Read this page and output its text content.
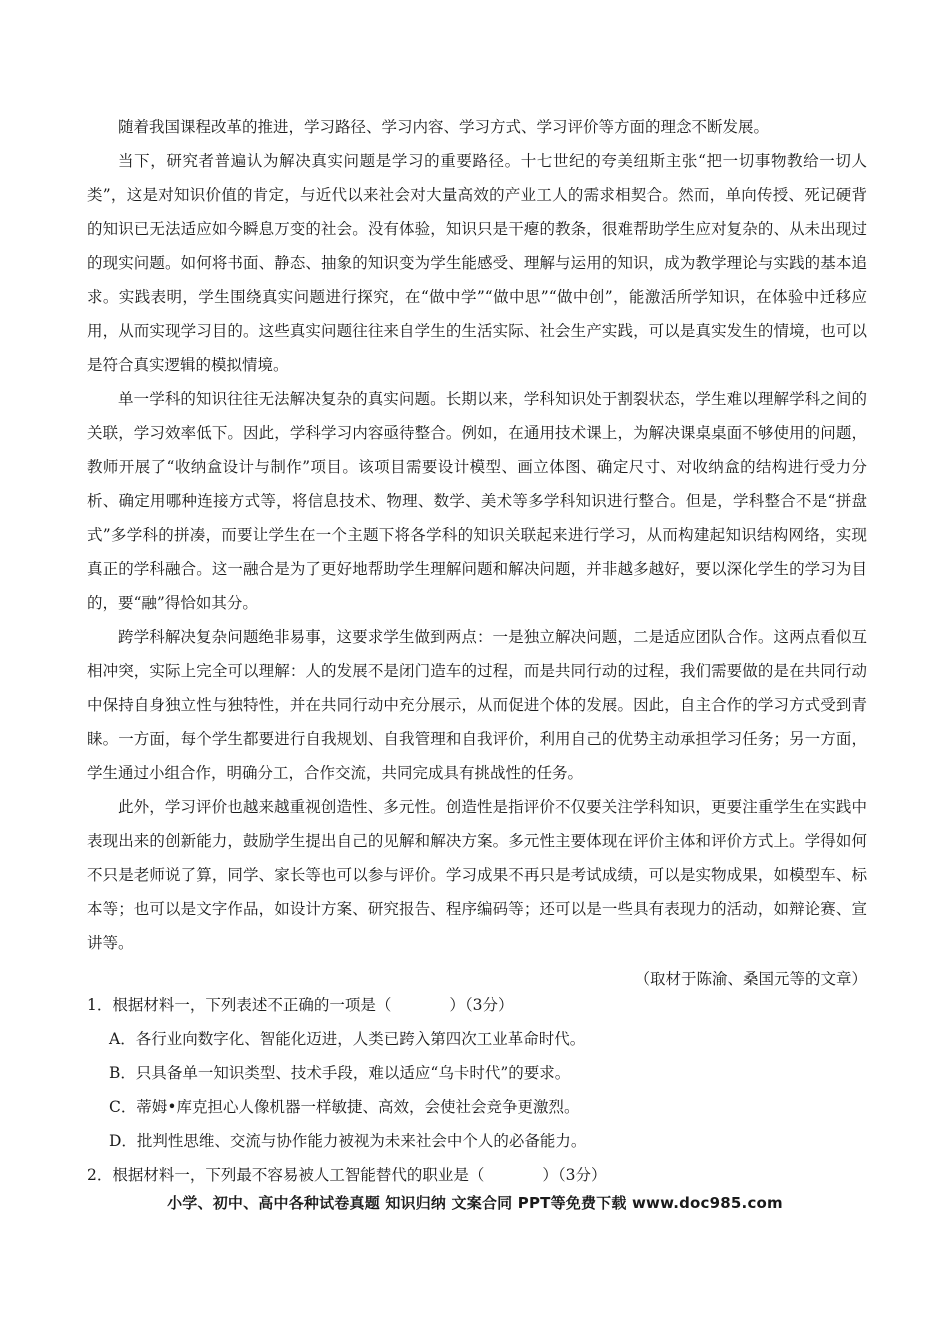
随着我国课程改革的推进，学习路径、学习内容、学习方式、学习评价等方面的理念不断发展。

当下，研究者普遍认为解决真实问题是学习的重要路径。十七世纪的夸美纽斯主张“把一切事物教给一切人类”，这是对知识价值的肯定，与近代以来社会对大量高效的产业工人的需求相契合。然而，单向传授、死记硬背的知识已无法适应如今瞬息万变的社会。没有体验，知识只是干瘪的教条，很难帮助学生应对复杂的、从未出现过的现实问题。如何将书面、静态、抽象的知识变为学生能感受、理解与运用的知识，成为教学理论与实践的基本追求。实践表明，学生围绕真实问题进行探究，在“做中学”“做中思”“做中创”，能激活所学知识，在体验中迁移应用，从而实现学习目的。这些真实问题往往来自学生的生活实际、社会生产实践，可以是真实发生的情境，也可以是符合真实逻辑的模拟情境。

单一学科的知识往往无法解决复杂的真实问题。长期以来，学科知识处于割裂状态，学生难以理解学科之间的关联，学习效率低下。因此，学科学习内容亟待整合。例如，在通用技术课上，为解决课桌桌面不够使用的问题，教师开展了“收纳盒设计与制作”项目。该项目需要设计模型、画立体图、确定尺寸、对收纳盒的结构进行受力分析、确定用哪种连接方式等，将信息技术、物理、数学、美术等多学科知识进行整合。但是，学科整合不是“拼盘式”多学科的拼凑，而要让学生在一个主题下将各学科的知识关联起来进行学习，从而构建起知识结构网络，实现真正的学科融合。这一融合是为了更好地帮助学生理解问题和解决问题，并非越多越好，要以深化学生的学习为目的，要“融”得恰如其分。

跨学科解决复杂问题绝非易事，这要求学生做到两点：一是独立解决问题，二是适应团队合作。这两点看似互相冲突，实际上完全可以理解：人的发展不是闭门造车的过程，而是共同行动的过程，我们需要做的是在共同行动中保持自身独立性与独特性，并在共同行动中充分展示，从而促进个体的发展。因此，自主合作的学习方式受到青睐。一方面，每个学生都要进行自我规划、自我管理和自我评价，利用自己的优势主动承担学习任务；另一方面，学生通过小组合作，明确分工，合作交流，共同完成具有挑战性的任务。

此外，学习评价也越来越重视创造性、多元性。创造性是指评价不仅要关注学科知识，更要注重学生在实践中表现出来的创新能力，鼓励学生提出自己的见解和解决方案。多元性主要体现在评价主体和评价方式上。学得如何不只是老师说了算，同学、家长等也可以参与评价。学习成果不再只是考试成绩，可以是实物成果，如模型车、标本等；也可以是文字作品，如设计方案、研究报告、程序编码等；还可以是一些具有表现力的活动，如辩论赛、宣讲等。

（取材于陈渝、桑国元等的文章）

1．根据材料一，下列表述不正确的一项是（	）（3分）

A．各行业向数字化、智能化迈进，人类已跨入第四次工业革命时代。
B．只具备单一知识类型、技术手段，难以适应“乌卡时代”的要求。
C．蒂姆•库克担心人像机器一样敏捷、高效，会使社会竞争更激烈。
D．批判性思维、交流与协作能力被视为未来社会中个人的必备能力。

2．根据材料一，下列最不容易被人工智能替代的职业是（	）（3分）

小学、初中、高中各种试卷真题 知识归纳 文案合同 PPT等免费下载 www.doc985.com
